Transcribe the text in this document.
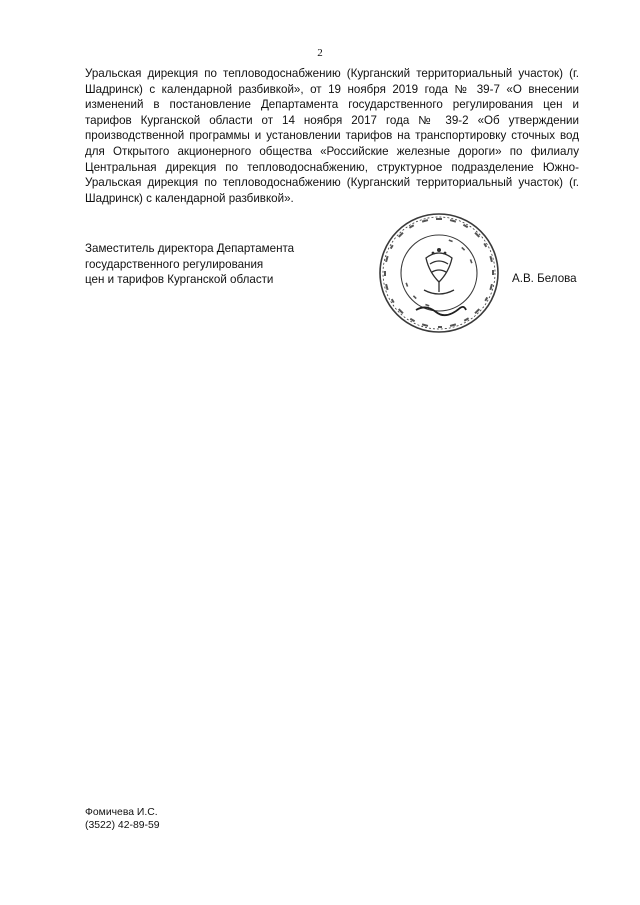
2

Уральская дирекция по тепловодоснабжению (Курганский территориальный участок) (г. Шадринск) с календарной разбивкой», от 19 ноября 2019 года № 39-7 «О внесении изменений в постановление Департамента государственного регулирования цен и тарифов Курганской области от 14 ноября 2017 года № 39-2 «Об утверждении производственной программы и установлении тарифов на транспортировку сточных вод для Открытого акционерного общества «Российские железные дороги» по филиалу Центральная дирекция по тепловодоснабжению, структурное подразделение Южно-Уральская дирекция по тепловодоснабжению (Курганский территориальный участок) (г. Шадринск) с календарной разбивкой».

Заместитель директора Департамента
государственного регулирования
цен и тарифов Курганской области	А.В. Белова
Фомичева И.С.
(3522) 42-89-59
